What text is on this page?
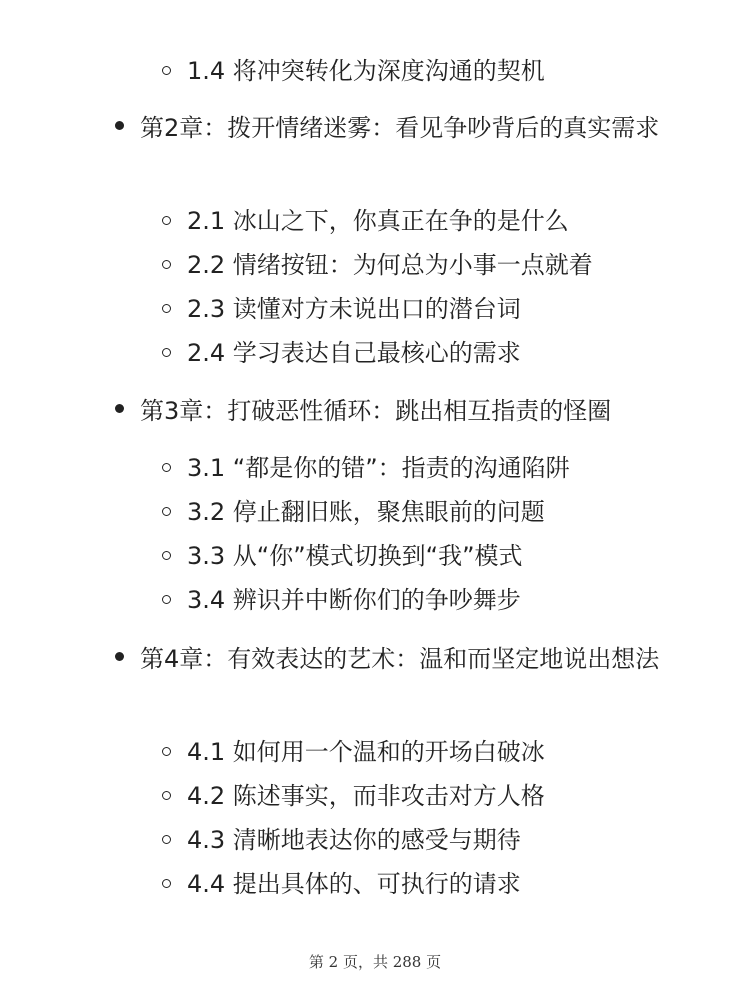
1.4 将冲突转化为深度沟通的契机
第2章：拨开情绪迷雾：看见争吵背后的真实需求
2.1 冰山之下，你真正在争的是什么
2.2 情绪按钮：为何总为小事一点就着
2.3 读懂对方未说出口的潜台词
2.4 学习表达自己最核心的需求
第3章：打破恶性循环：跳出相互指责的怪圈
3.1 “都是你的错”：指责的沟通陷阱
3.2 停止翻旧账，聚焦眼前的问题
3.3 从“你”模式切换到“我”模式
3.4 辨识并中断你们的争吵舞步
第4章：有效表达的艺术：温和而坚定地说出想法
4.1 如何用一个温和的开场白破冰
4.2 陈述事实，而非攻击对方人格
4.3 清晰地表达你的感受与期待
4.4 提出具体的、可执行的请求
第 2 页，共 288 页
